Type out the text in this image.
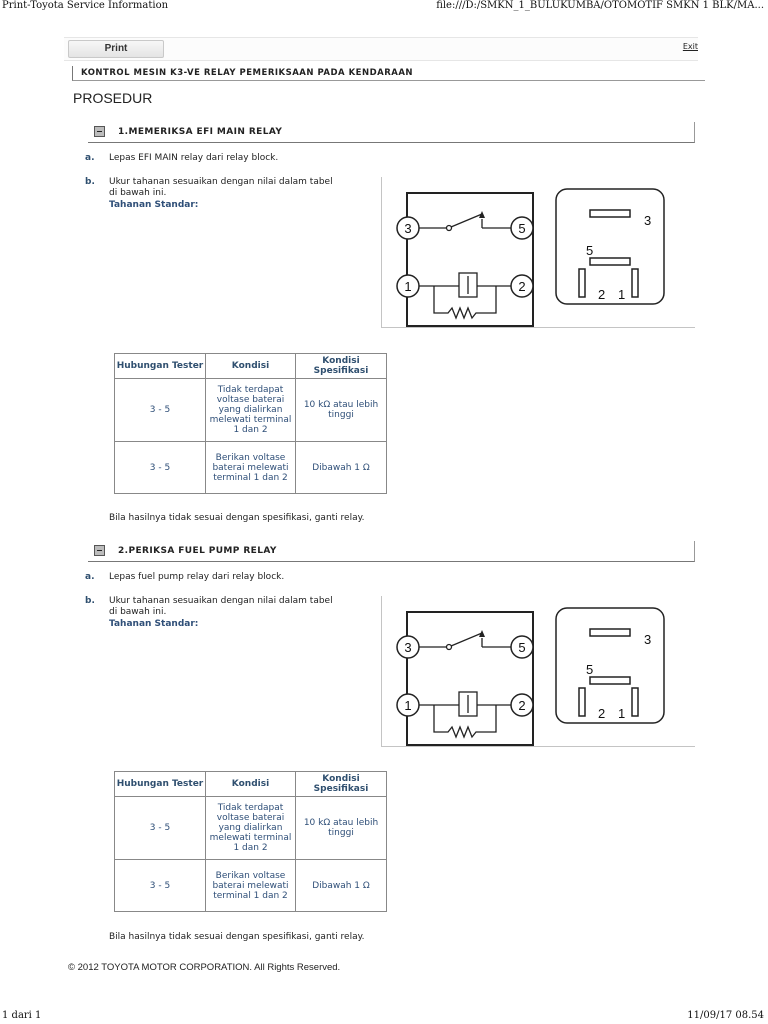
Print-Toyota Service Information	file:///D:/SMKN_1_BULUKUMBA/OTOMOTIF SMKN 1 BLK/MA...
Print	Exit
KONTROL MESIN K3-VE RELAY PEMERIKSAAN PADA KENDARAAN
PROSEDUR
1.MEMERIKSA EFI MAIN RELAY
a. Lepas EFI MAIN relay dari relay block.
b. Ukur tahanan sesuaikan dengan nilai dalam tabel
di bawah ini.
Tahanan Standar:
3	5
1	2
3
5
2 1
Hubungan Tester	Kondisi	Kondisi Spesifikasi
3 - 5	Tidak terdapat voltase baterai yang dialirkan melewati terminal 1 dan 2	10 kΩ atau lebih tinggi
3 - 5	Berikan voltase baterai melewati terminal 1 dan 2	Dibawah 1 Ω
Bila hasilnya tidak sesuai dengan spesifikasi, ganti relay.
2.PERIKSA FUEL PUMP RELAY
a. Lepas fuel pump relay dari relay block.
b. Ukur tahanan sesuaikan dengan nilai dalam tabel
di bawah ini.
Tahanan Standar:
3	5
1	2
3
5
2 1
Hubungan Tester	Kondisi	Kondisi Spesifikasi
3 - 5	Tidak terdapat voltase baterai yang dialirkan melewati terminal 1 dan 2	10 kΩ atau lebih tinggi
3 - 5	Berikan voltase baterai melewati terminal 1 dan 2	Dibawah 1 Ω
Bila hasilnya tidak sesuai dengan spesifikasi, ganti relay.
© 2012 TOYOTA MOTOR CORPORATION. All Rights Reserved.
1 dari 1	11/09/17 08.54
